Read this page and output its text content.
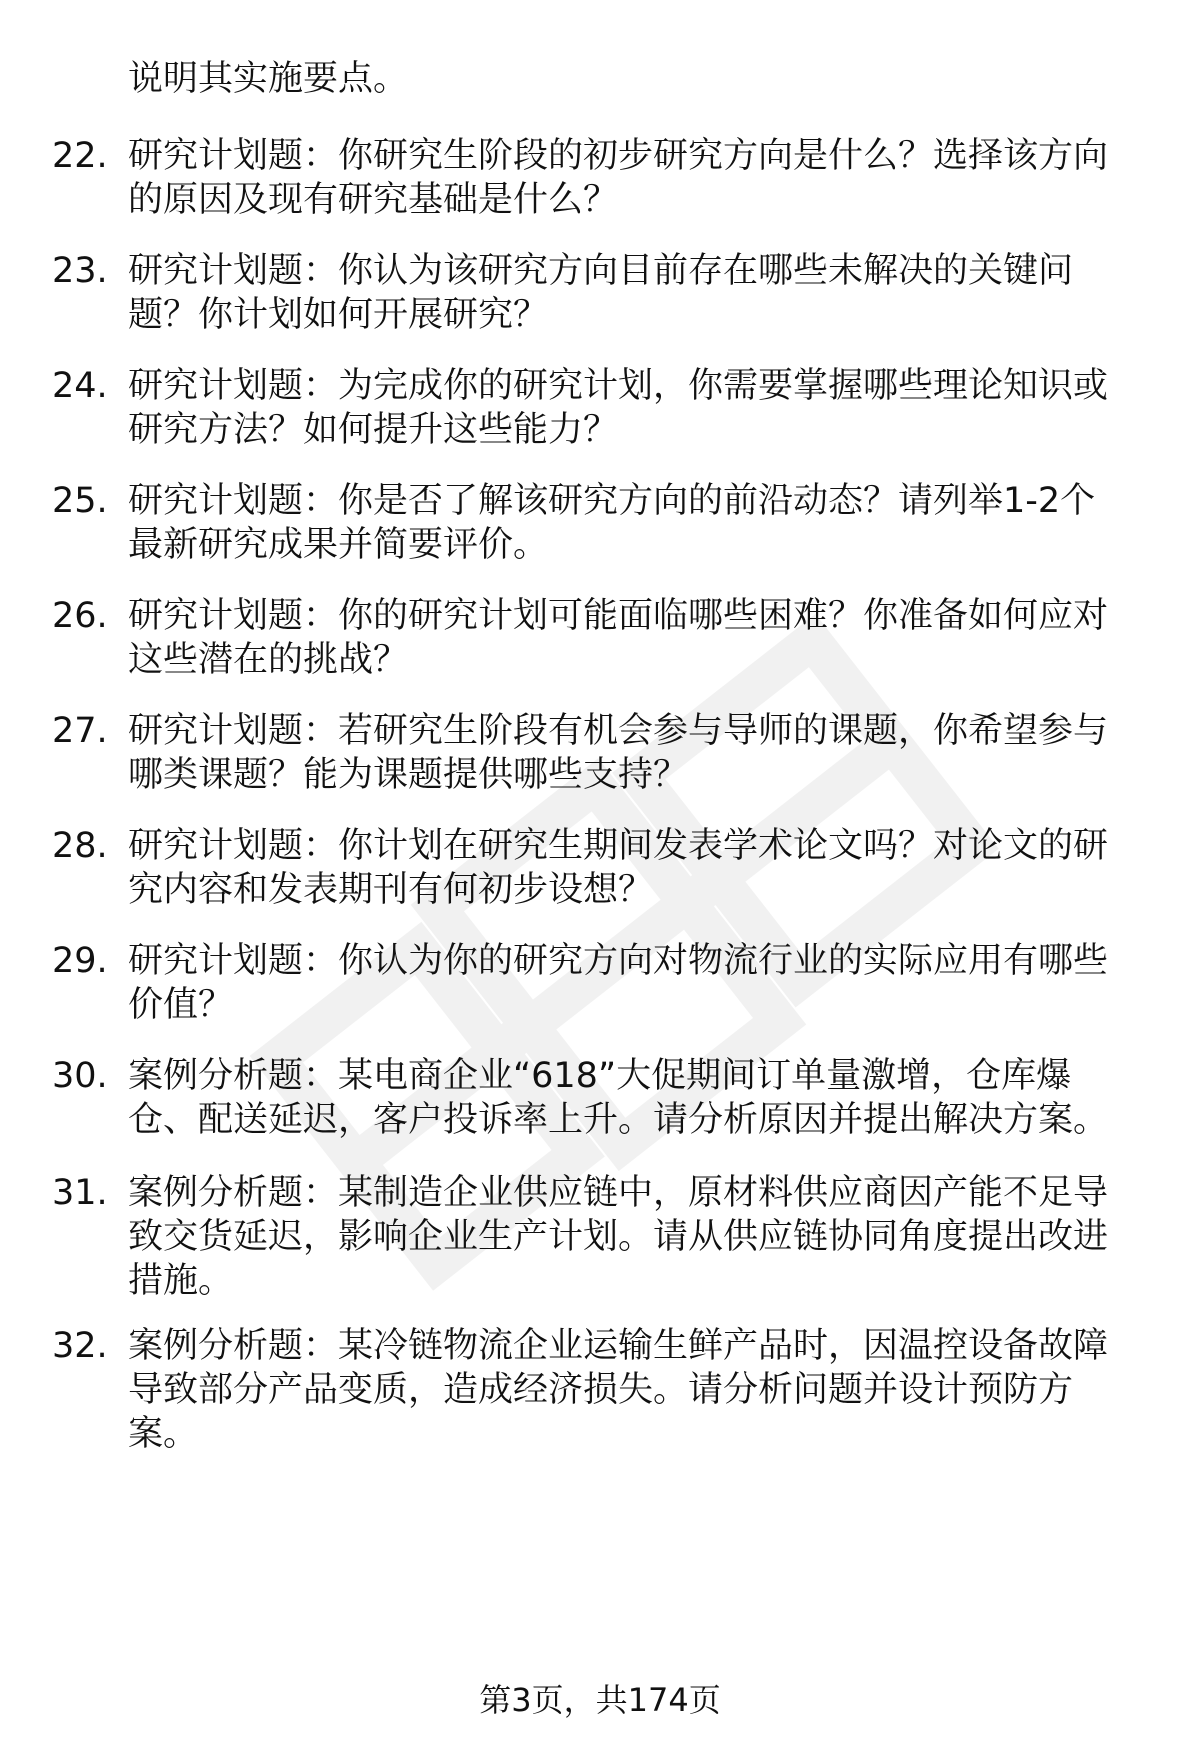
说明其实施要点。
22. 研究计划题：你研究生阶段的初步研究方向是什么？选择该方向
的原因及现有研究基础是什么？
23. 研究计划题：你认为该研究方向目前存在哪些未解决的关键问
题？你计划如何开展研究？
24. 研究计划题：为完成你的研究计划，你需要掌握哪些理论知识或
研究方法？如何提升这些能力？
25. 研究计划题：你是否了解该研究方向的前沿动态？请列举1-2个
最新研究成果并简要评价。
26. 研究计划题：你的研究计划可能面临哪些困难？你准备如何应对
这些潜在的挑战？
27. 研究计划题：若研究生阶段有机会参与导师的课题，你希望参与
哪类课题？能为课题提供哪些支持？
28. 研究计划题：你计划在研究生期间发表学术论文吗？对论文的研
究内容和发表期刊有何初步设想？
29. 研究计划题：你认为你的研究方向对物流行业的实际应用有哪些
价值？
30. 案例分析题：某电商企业“618”大促期间订单量激增，仓库爆
仓、配送延迟，客户投诉率上升。请分析原因并提出解决方案。
31. 案例分析题：某制造企业供应链中，原材料供应商因产能不足导
致交货延迟，影响企业生产计划。请从供应链协同角度提出改进
措施。
32. 案例分析题：某冷链物流企业运输生鲜产品时，因温控设备故障
导致部分产品变质，造成经济损失。请分析问题并设计预防方
案。
第3页，共174页
